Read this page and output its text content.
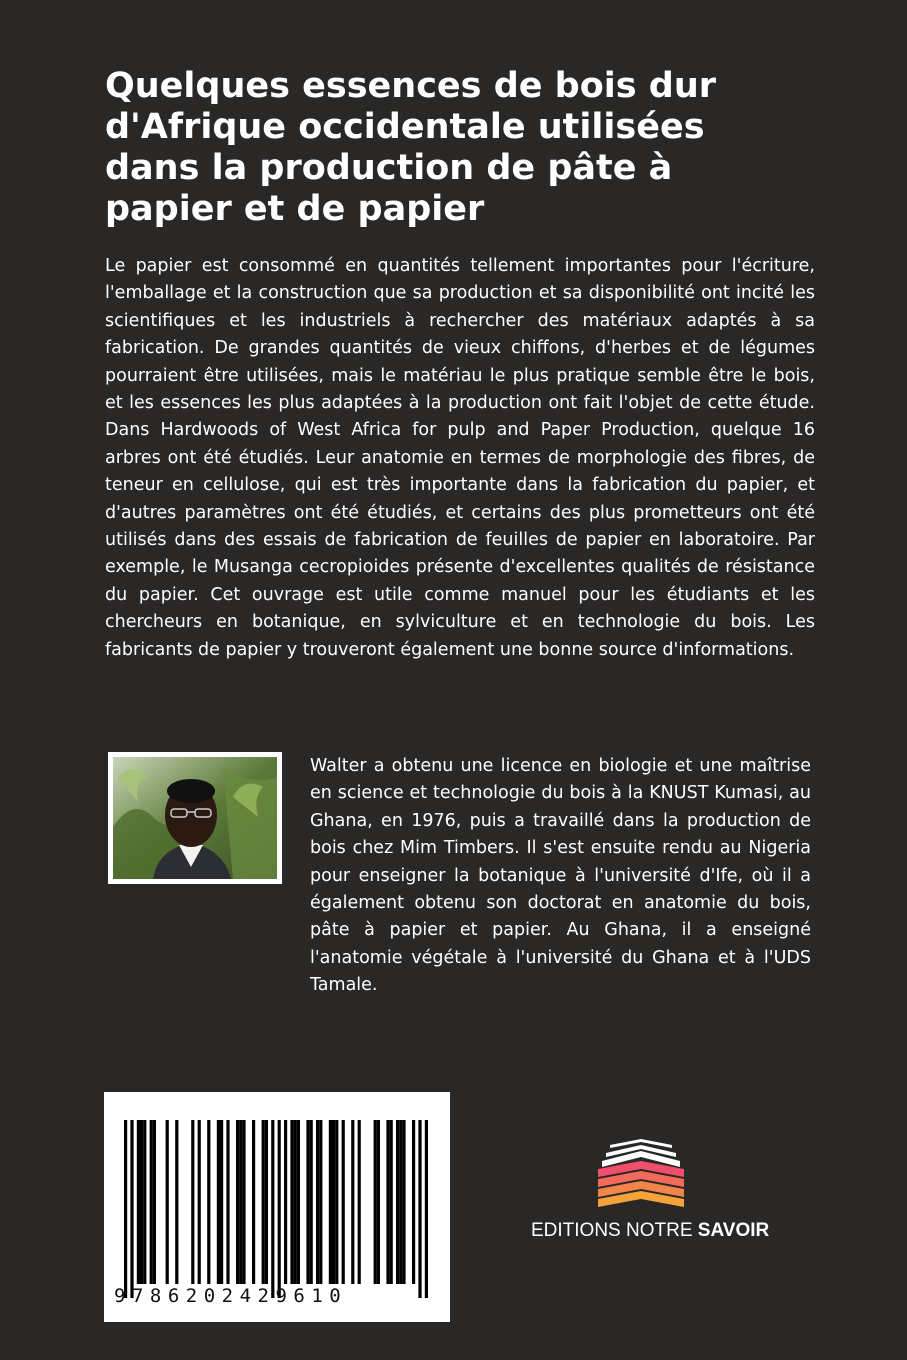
Quelques essences de bois dur d'Afrique occidentale utilisées dans la production de pâte à papier et de papier

Le papier est consommé en quantités tellement importantes pour l'écriture, l'emballage et la construction que sa production et sa disponibilité ont incité les scientifiques et les industriels à rechercher des matériaux adaptés à sa fabrication. De grandes quantités de vieux chiffons, d'herbes et de légumes pourraient être utilisées, mais le matériau le plus pratique semble être le bois, et les essences les plus adaptées à la production ont fait l'objet de cette étude. Dans Hardwoods of West Africa for pulp and Paper Production, quelque 16 arbres ont été étudiés. Leur anatomie en termes de morphologie des fibres, de teneur en cellulose, qui est très importante dans la fabrication du papier, et d'autres paramètres ont été étudiés, et certains des plus prometteurs ont été utilisés dans des essais de fabrication de feuilles de papier en laboratoire. Par exemple, le Musanga cecropioides présente d'excellentes qualités de résistance du papier. Cet ouvrage est utile comme manuel pour les étudiants et les chercheurs en botanique, en sylviculture et en technologie du bois. Les fabricants de papier y trouveront également une bonne source d'informations.

Walter a obtenu une licence en biologie et une maîtrise en science et technologie du bois à la KNUST Kumasi, au Ghana, en 1976, puis a travaillé dans la production de bois chez Mim Timbers. Il s'est ensuite rendu au Nigeria pour enseigner la botanique à l'université d'Ife, où il a également obtenu son doctorat en anatomie du bois, pâte à papier et papier. Au Ghana, il a enseigné l'anatomie végétale à l'université du Ghana et à l'UDS Tamale.

9786202429610
EDITIONS NOTRE SAVOIR
